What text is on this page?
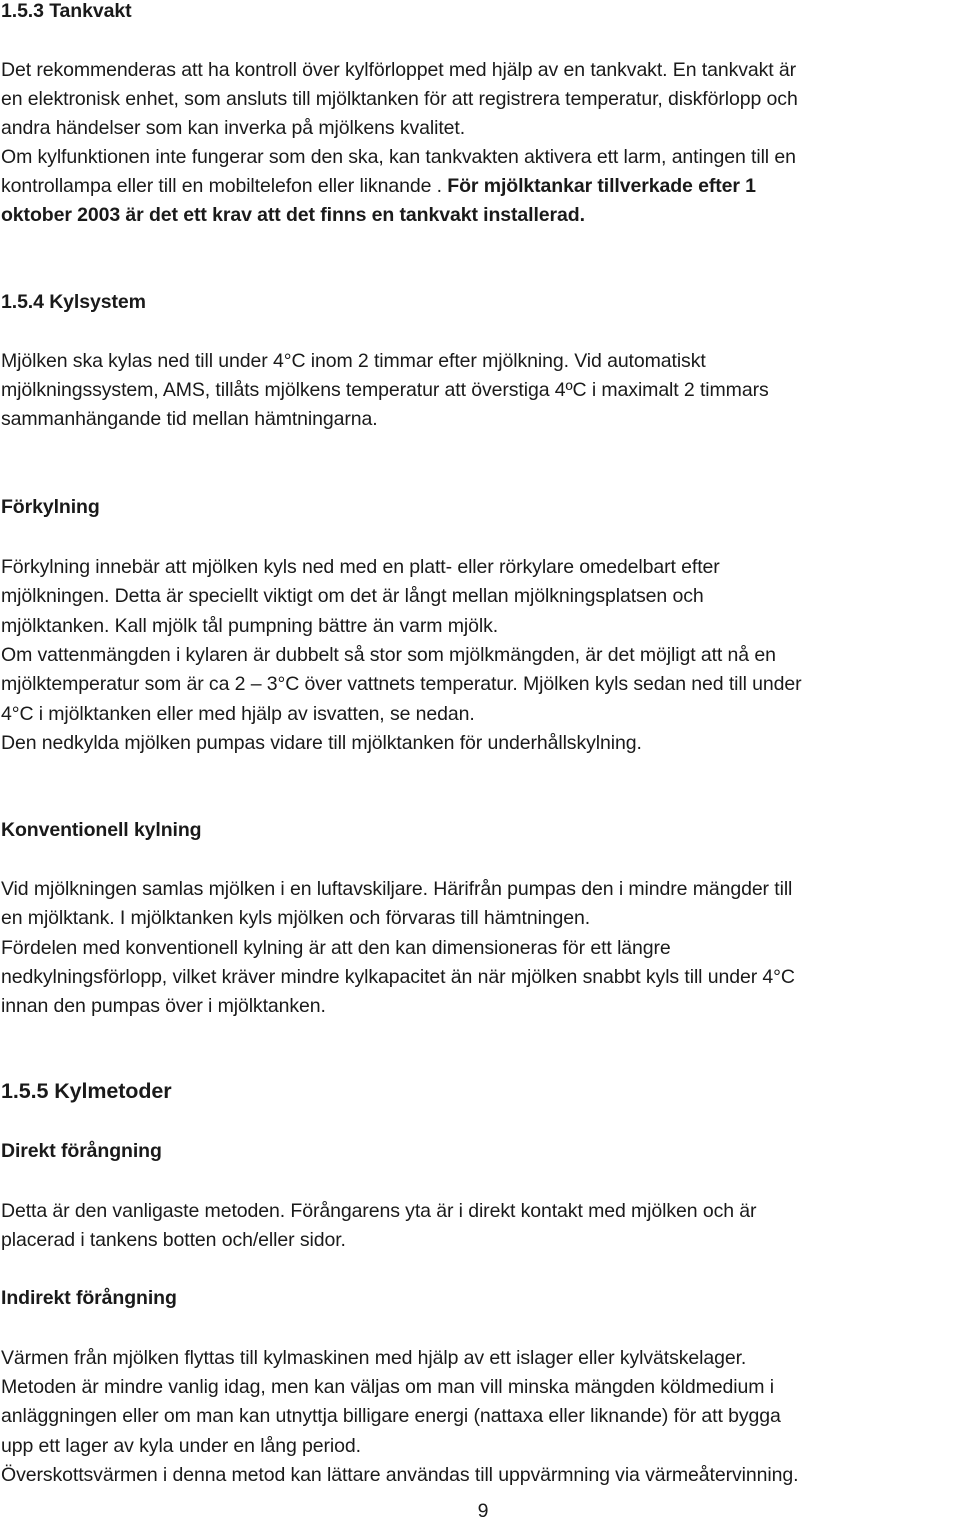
1.5.3 Tankvakt
Det rekommenderas att ha kontroll över kylförloppet med hjälp av en tankvakt. En tankvakt är
en elektronisk enhet, som ansluts till mjölktanken för att registrera temperatur, diskförlopp och
andra händelser som kan inverka på mjölkens kvalitet.
Om kylfunktionen inte fungerar som den ska, kan tankvakten aktivera ett larm, antingen till en
kontrollampa eller till en mobiltelefon eller liknande . För mjölktankar tillverkade efter 1
oktober 2003 är det ett krav att det finns en tankvakt installerad.
1.5.4 Kylsystem
Mjölken ska kylas ned till under 4°C inom 2 timmar efter mjölkning. Vid automatiskt
mjölkningssystem, AMS, tillåts mjölkens temperatur att överstiga 4ºC i maximalt 2 timmars
sammanhängande tid mellan hämtningarna.
Förkylning
Förkylning innebär att mjölken kyls ned med en platt- eller rörkylare omedelbart efter
mjölkningen. Detta är speciellt viktigt om det är långt mellan mjölkningsplatsen och
mjölktanken. Kall mjölk tål pumpning bättre än varm mjölk.
Om vattenmängden i kylaren är dubbelt så stor som mjölkmängden, är det möjligt att nå en
mjölktemperatur som är ca 2 – 3°C över vattnets temperatur. Mjölken kyls sedan ned till under
4°C i mjölktanken eller med hjälp av isvatten, se nedan.
Den nedkylda mjölken pumpas vidare till mjölktanken för underhållskylning.
Konventionell kylning
Vid mjölkningen samlas mjölken i en luftavskiljare. Härifrån pumpas den i mindre mängder till
en mjölktank. I mjölktanken kyls mjölken och förvaras till hämtningen.
Fördelen med konventionell kylning är att den kan dimensioneras för ett längre
nedkylningsförlopp, vilket kräver mindre kylkapacitet än när mjölken snabbt kyls till under 4°C
innan den pumpas över i mjölktanken.
1.5.5 Kylmetoder
Direkt förångning
Detta är den vanligaste metoden. Förångarens yta är i direkt kontakt med mjölken och är
placerad i tankens botten och/eller sidor.
Indirekt förångning
Värmen från mjölken flyttas till kylmaskinen med hjälp av ett islager eller kylvätskelager.
Metoden är mindre vanlig idag, men kan väljas om man vill minska mängden köldmedium i
anläggningen eller om man kan utnyttja billigare energi (nattaxa eller liknande) för att bygga
upp ett lager av kyla under en lång period.
Överskottsvärmen i denna metod kan lättare användas till uppvärmning via värmeåtervinning.
9
